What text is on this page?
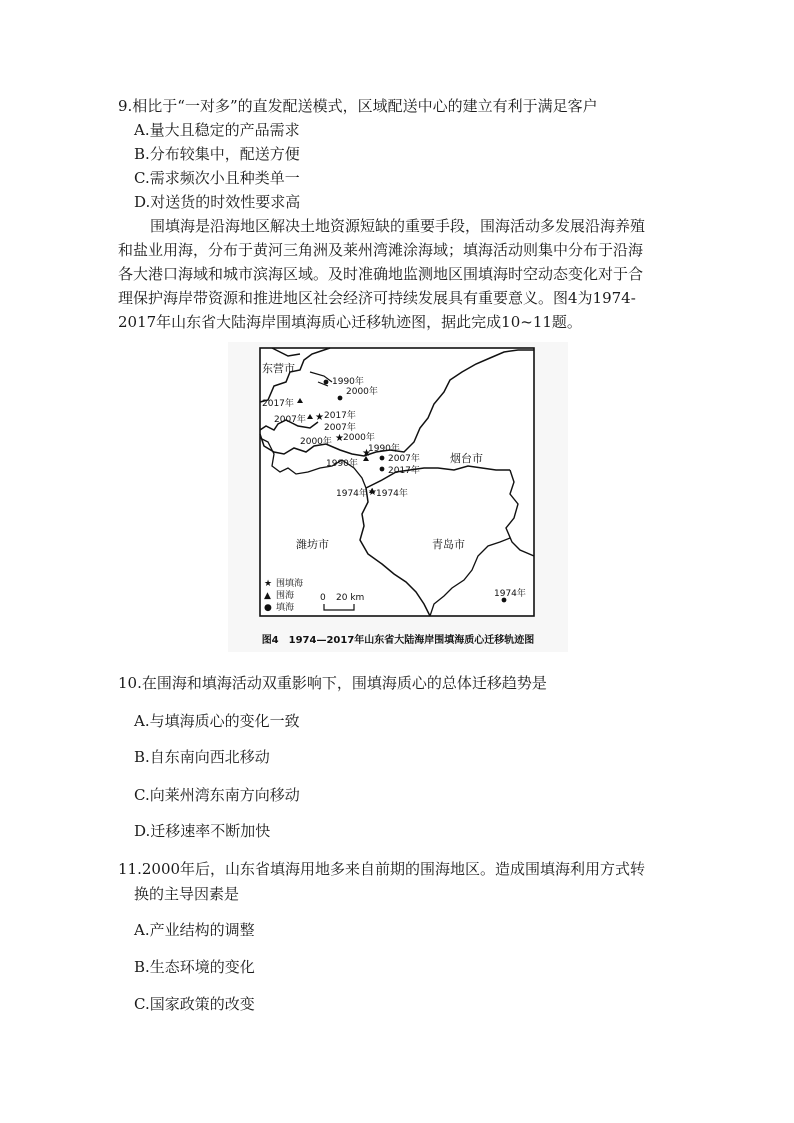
9.相比于“一对多”的直发配送模式，区域配送中心的建立有利于满足客户
A.量大且稳定的产品需求
B.分布较集中，配送方便
C.需求频次小且种类单一
D.对送货的时效性要求高
围填海是沿海地区解决土地资源短缺的重要手段，围海活动多发展沿海养殖
和盐业用海，分布于黄河三角洲及莱州湾滩涂海域；填海活动则集中分布于沿海
各大港口海域和城市滨海区域。及时准确地监测地区围填海时空动态变化对于合
理保护海岸带资源和推进地区社会经济可持续发展具有重要意义。图4为1974-
2017年山东省大陆海岸围填海质心迁移轨迹图，据此完成10~11题。
东营市
烟台市
潍坊市	青岛市
1990年
2000年
2007年
2017年
1974年
2017年
2007年
1990年
1974年
★ 2017年
2007年
★ 2000年
2000年
★
1990年
★ 1974年
★ 围填海
▲ 围海
● 填海
0 20 km
图4　1974—2017年山东省大陆海岸围填海质心迁移轨迹图
10.在围海和填海活动双重影响下，围填海质心的总体迁移趋势是
A.与填海质心的变化一致
B.自东南向西北移动
C.向莱州湾东南方向移动
D.迁移速率不断加快
11.2000年后，山东省填海用地多来自前期的围海地区。造成围填海利用方式转
换的主导因素是
A.产业结构的调整
B.生态环境的变化
C.国家政策的改变
